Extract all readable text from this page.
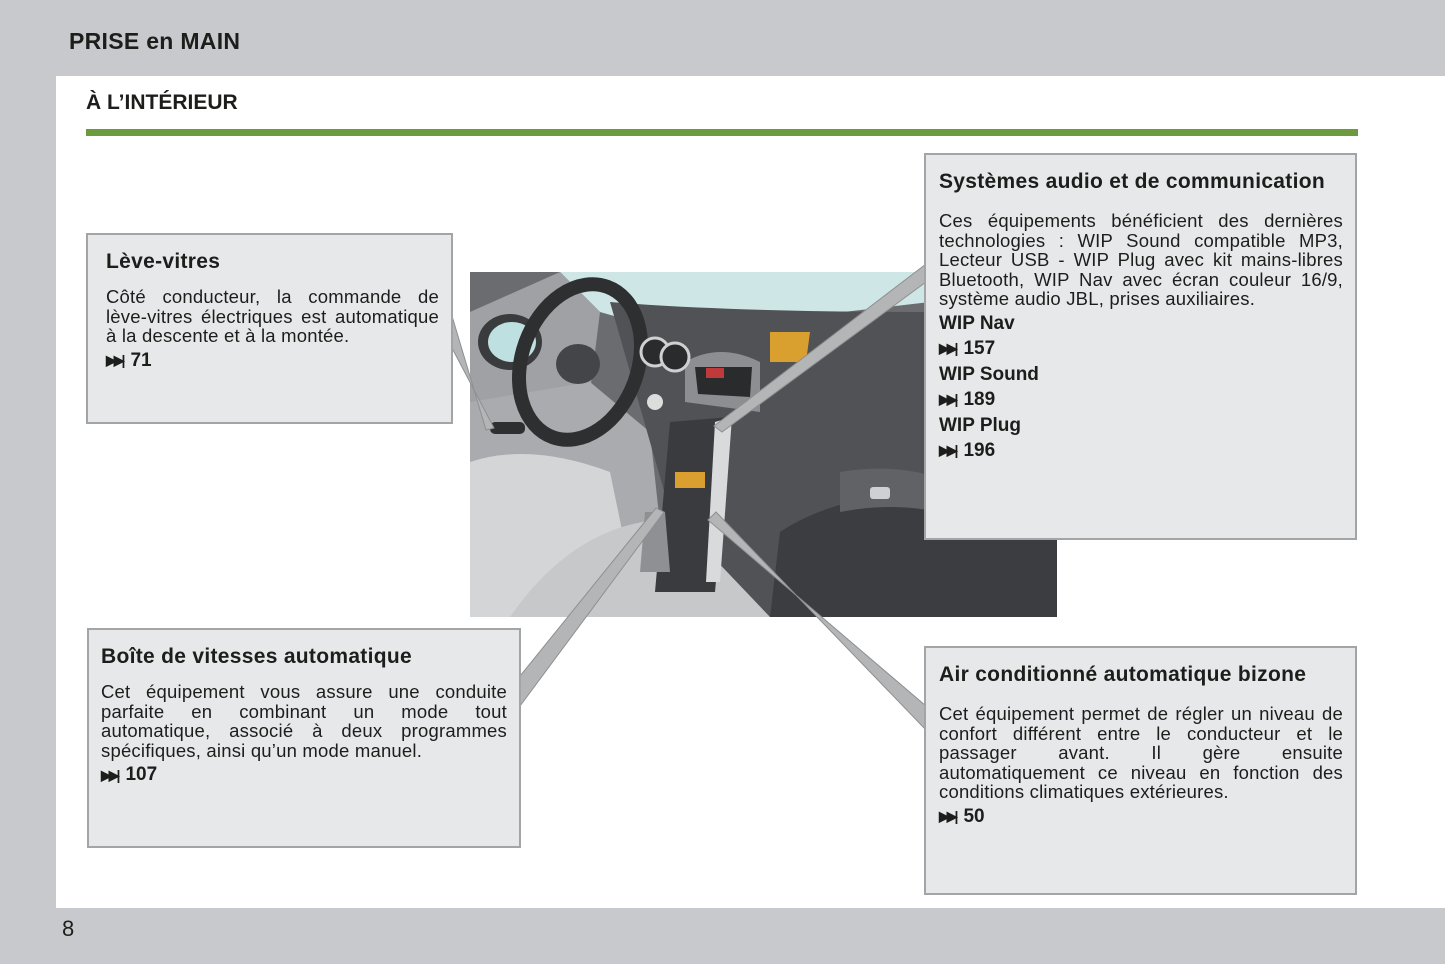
PRISE en MAIN
À L’INTÉRIEUR
Lève-vitres

Côté conducteur, la commande de lève-vitres électriques est automatique à la descente et à la montée.

▶▶| 71
Boîte de vitesses automatique

Cet équipement vous assure une conduite parfaite en combinant un mode tout automatique, associé à deux programmes spécifiques, ainsi qu’un mode manuel.

▶▶| 107
Systèmes audio et de communication

Ces équipements bénéficient des dernières technologies : WIP Sound compatible MP3, Lecteur USB - WIP Plug avec kit mains-libres Bluetooth, WIP Nav avec écran couleur 16/9, système audio JBL, prises auxiliaires.

WIP Nav
▶▶| 157
WIP Sound
▶▶| 189
WIP Plug
▶▶| 196
Air conditionné automatique bizone

Cet équipement permet de régler un niveau de confort différent entre le conducteur et le passager avant. Il gère ensuite automatiquement ce niveau en fonction des conditions climatiques extérieures.

▶▶| 50
8
